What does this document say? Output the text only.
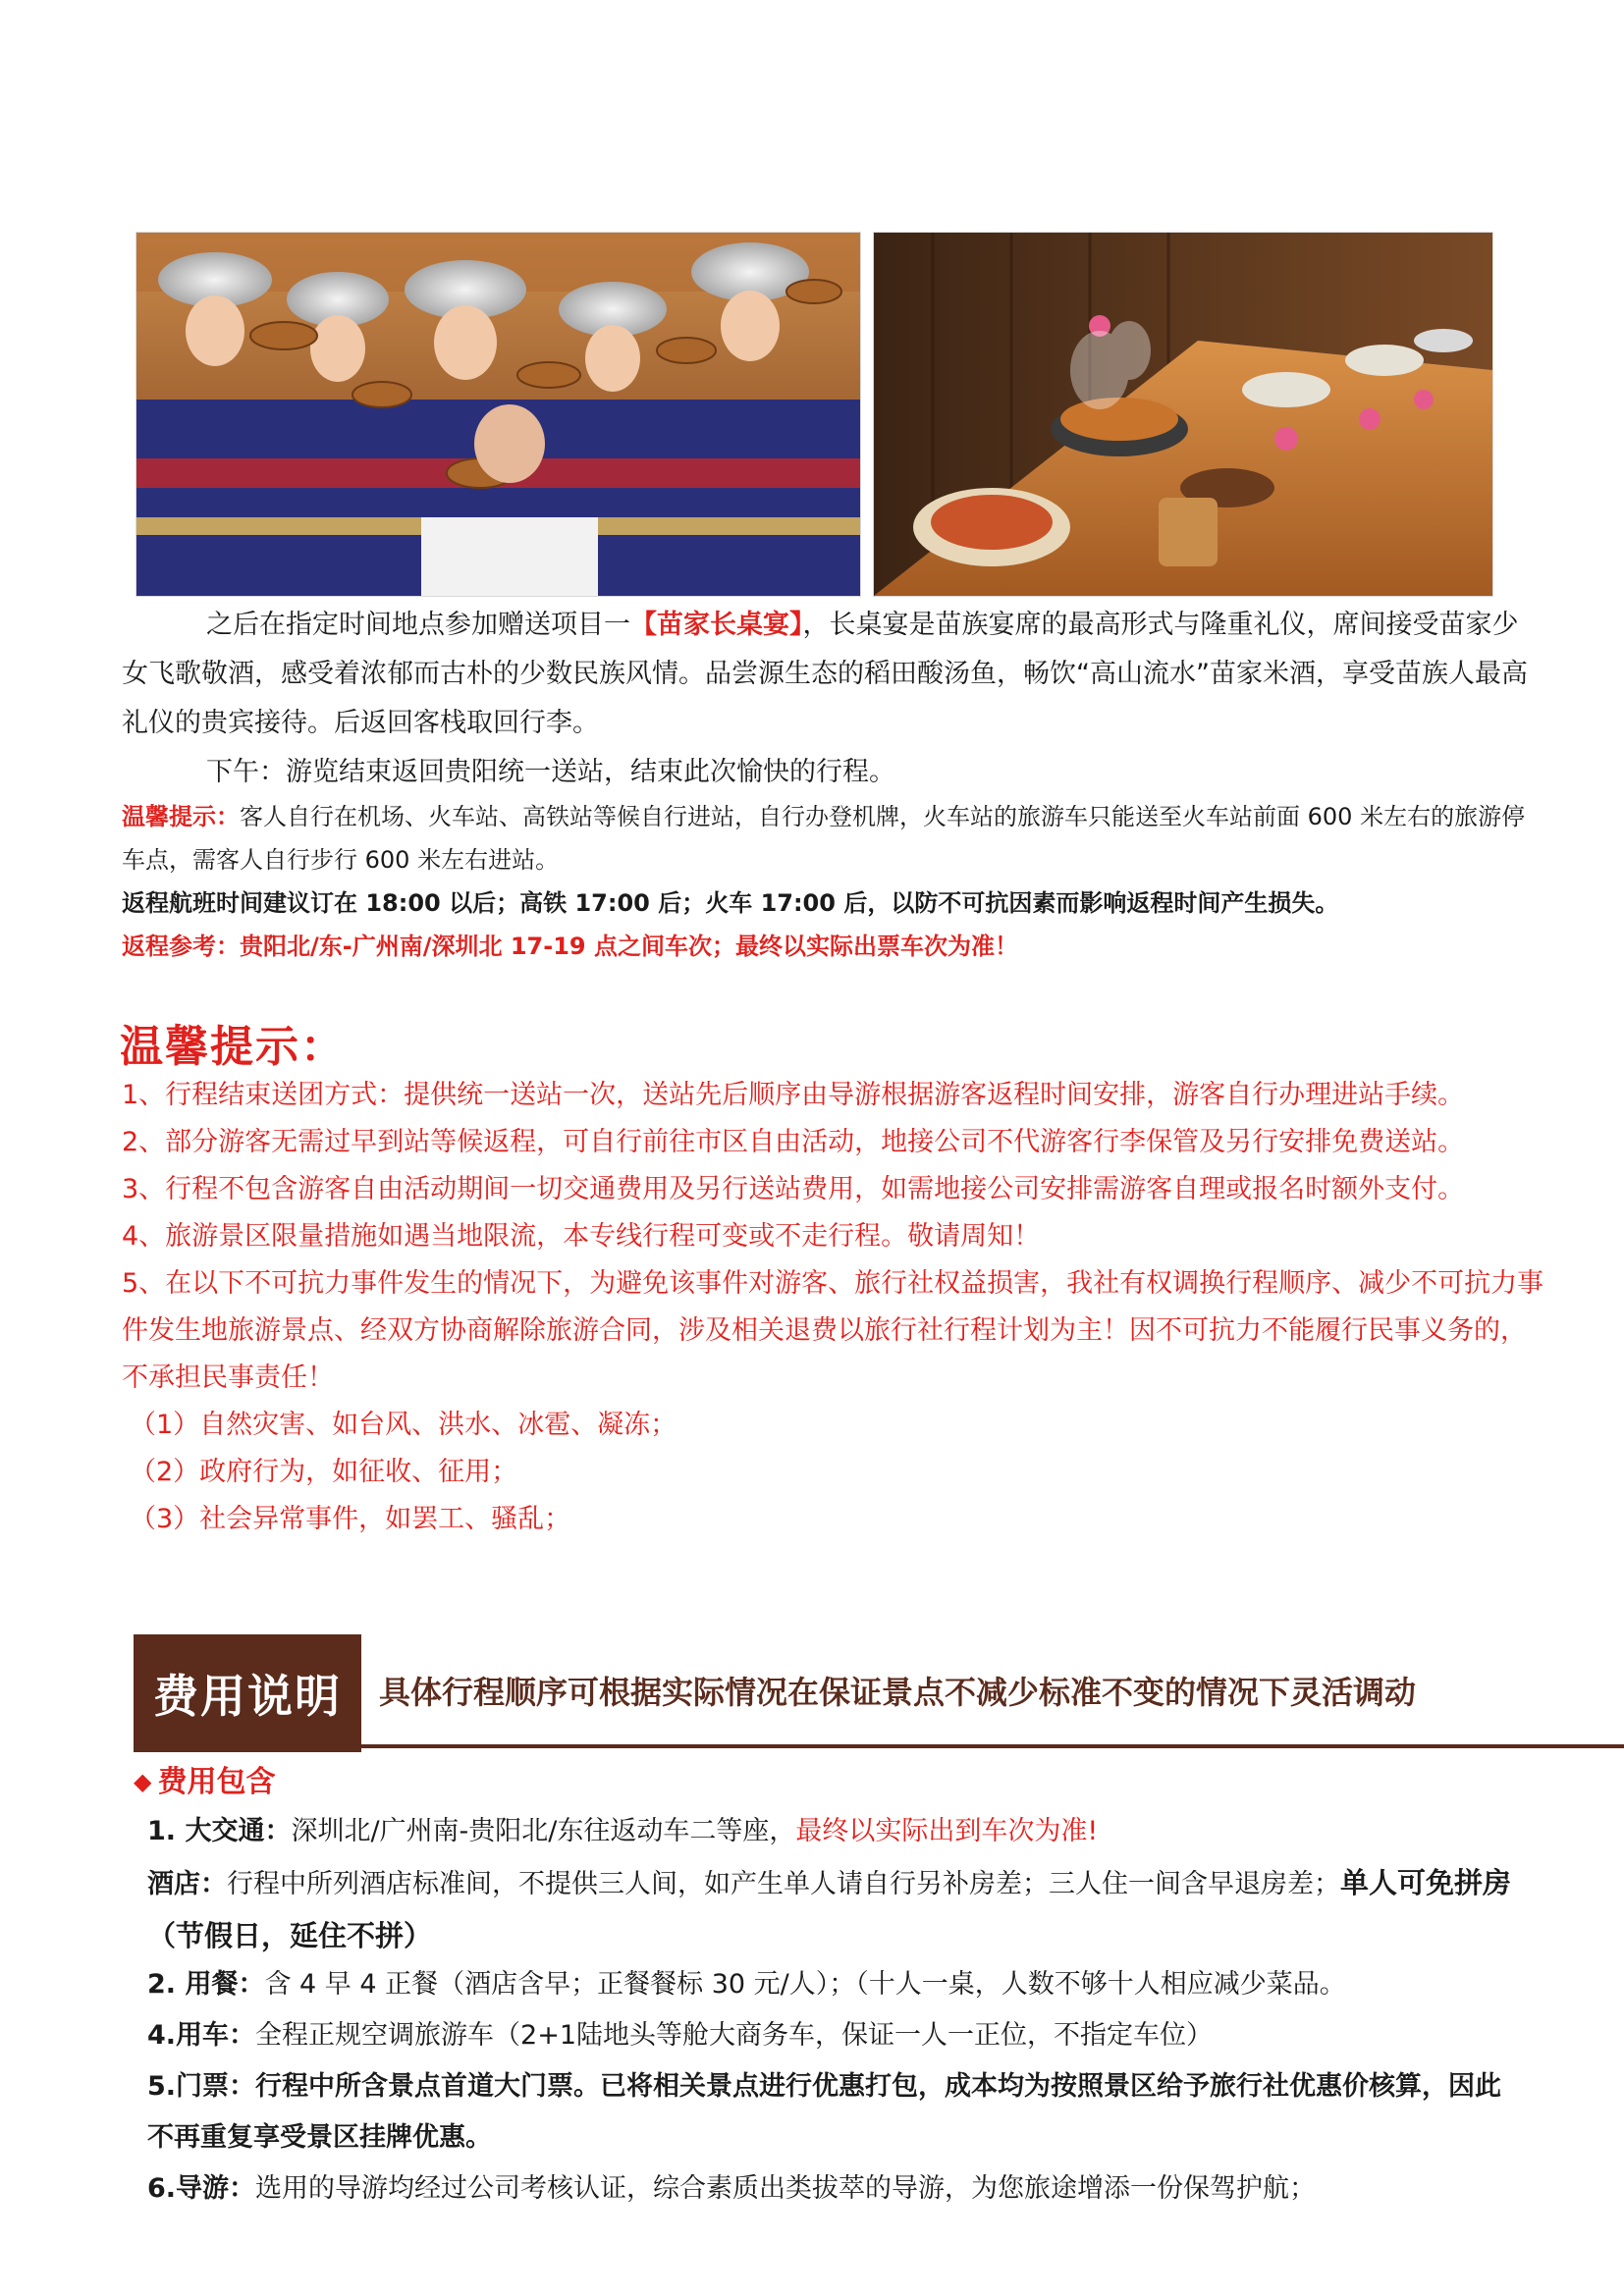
之后在指定时间地点参加赠送项目一【苗家长桌宴】，长桌宴是苗族宴席的最高形式与隆重礼仪，席间接受苗家少女飞歌敬酒，感受着浓郁而古朴的少数民族风情。品尝源生态的稻田酸汤鱼，畅饮“高山流水”苗家米酒，享受苗族人最高礼仪的贵宾接待。后返回客栈取回行李。
下午：游览结束返回贵阳统一送站，结束此次愉快的行程。
温馨提示：客人自行在机场、火车站、高铁站等候自行进站，自行办登机牌，火车站的旅游车只能送至火车站前面 600 米左右的旅游停车点，需客人自行步行 600 米左右进站。
返程航班时间建议订在 18:00 以后；高铁 17:00 后；火车 17:00 后，以防不可抗因素而影响返程时间产生损失。
返程参考：贵阳北/东-广州南/深圳北 17-19 点之间车次；最终以实际出票车次为准！
温馨提示：
1、行程结束送团方式：提供统一送站一次，送站先后顺序由导游根据游客返程时间安排，游客自行办理进站手续。
2、部分游客无需过早到站等候返程，可自行前往市区自由活动，地接公司不代游客行李保管及另行安排免费送站。
3、行程不包含游客自由活动期间一切交通费用及另行送站费用，如需地接公司安排需游客自理或报名时额外支付。
4、旅游景区限量措施如遇当地限流，本专线行程可变或不走行程。敬请周知！
5、在以下不可抗力事件发生的情况下，为避免该事件对游客、旅行社权益损害，我社有权调换行程顺序、减少不可抗力事件发生地旅游景点、经双方协商解除旅游合同，涉及相关退费以旅行社行程计划为主！因不可抗力不能履行民事义务的，不承担民事责任！
（1）自然灾害、如台风、洪水、冰雹、凝冻；
（2）政府行为，如征收、征用；
（3）社会异常事件，如罢工、骚乱；
费用说明	具体行程顺序可根据实际情况在保证景点不减少标准不变的情况下灵活调动
◆ 费用包含
1. 大交通：深圳北/广州南-贵阳北/东往返动车二等座，最终以实际出到车次为准!
酒店：行程中所列酒店标准间，不提供三人间，如产生单人请自行另补房差；三人住一间含早退房差；单人可免拼房（节假日，延住不拼）
2. 用餐：含 4 早 4 正餐（酒店含早；正餐餐标 30 元/人）；（十人一桌，人数不够十人相应减少菜品。
4.用车：全程正规空调旅游车（2+1陆地头等舱大商务车，保证一人一正位，不指定车位）
5.门票：行程中所含景点首道大门票。已将相关景点进行优惠打包，成本均为按照景区给予旅行社优惠价核算，因此不再重复享受景区挂牌优惠。
6.导游：选用的导游均经过公司考核认证，综合素质出类拔萃的导游，为您旅途增添一份保驾护航；
